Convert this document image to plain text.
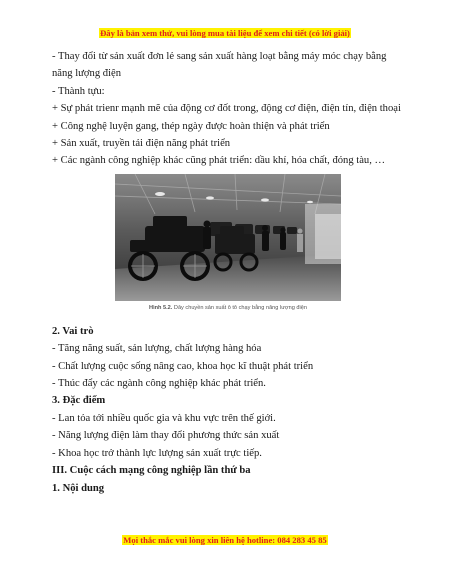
Đây là bản xem thử, vui lòng mua tài liệu để xem chi tiết (có lời giải)
- Thay đổi từ sản xuất đơn lẻ sang sản xuất hàng loạt bằng máy móc chạy bằng năng lượng điện
- Thành tựu:
+ Sự phát trienr mạnh mẽ của động cơ đốt trong, động cơ điện, điện tín, điện thoại
+ Công nghệ luyện gang, thép ngày được hoàn thiện và phát triển
+ Sản xuất, truyền tải điện năng phát triển
+ Các ngành công nghiệp khác cũng phát triển: dầu khí, hóa chất, đóng tàu, …
Hình 5.2. Dây chuyền sản xuất ô tô chạy bằng năng lượng điện
2. Vai trò
- Tăng năng suất, sản lượng, chất lượng hàng hóa
- Chất lượng cuộc sống nâng cao, khoa học kĩ thuật phát triển
- Thúc đẩy các ngành công nghiệp khác phát triển.
3. Đặc điểm
- Lan tỏa tới nhiều quốc gia và khu vực trên thế giới.
- Năng lượng điện làm thay đổi phương thức sản xuất
- Khoa học trở thành lực lượng sản xuất trực tiếp.
III. Cuộc cách mạng công nghiệp lần thứ ba
1. Nội dung
Mọi thắc mắc vui lòng xin liên hệ hotline: 084 283 45 85
